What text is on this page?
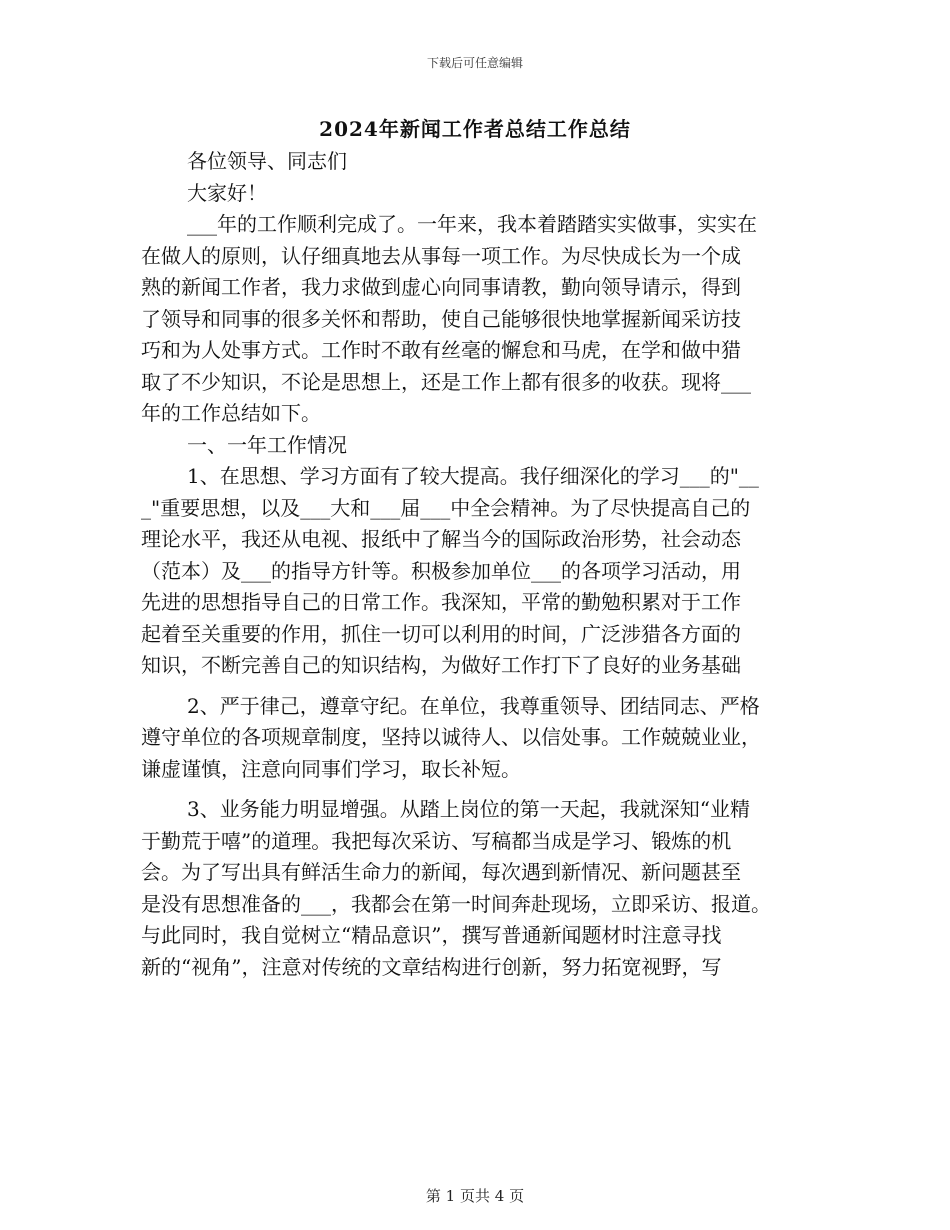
下载后可任意编辑
2024年新闻工作者总结工作总结
各位领导、同志们
大家好！
___年的工作顺利完成了。一年来，我本着踏踏实实做事，实实在
在做人的原则，认仔细真地去从事每一项工作。为尽快成长为一个成
熟的新闻工作者，我力求做到虚心向同事请教，勤向领导请示，得到
了领导和同事的很多关怀和帮助，使自己能够很快地掌握新闻采访技
巧和为人处事方式。工作时不敢有丝毫的懈怠和马虎，在学和做中猎
取了不少知识，不论是思想上，还是工作上都有很多的收获。现将___
年的工作总结如下。
一、一年工作情况
1、在思想、学习方面有了较大提高。我仔细深化的学习___的"__
_"重要思想，以及___大和___届___中全会精神。为了尽快提高自己的
理论水平，我还从电视、报纸中了解当今的国际政治形势，社会动态
（范本）及___的指导方针等。积极参加单位___的各项学习活动，用
先进的思想指导自己的日常工作。我深知，平常的勤勉积累对于工作
起着至关重要的作用，抓住一切可以利用的时间，广泛涉猎各方面的
知识，不断完善自己的知识结构，为做好工作打下了良好的业务基础
2、严于律己，遵章守纪。在单位，我尊重领导、团结同志、严格
遵守单位的各项规章制度，坚持以诚待人、以信处事。工作兢兢业业，
谦虚谨慎，注意向同事们学习，取长补短。
3、业务能力明显增强。从踏上岗位的第一天起，我就深知“业精
于勤荒于嘻”的道理。我把每次采访、写稿都当成是学习、锻炼的机
会。为了写出具有鲜活生命力的新闻，每次遇到新情况、新问题甚至
是没有思想准备的___，我都会在第一时间奔赴现场，立即采访、报道。
与此同时，我自觉树立“精品意识”，撰写普通新闻题材时注意寻找
新的“视角”，注意对传统的文章结构进行创新，努力拓宽视野，写
第 1 页共 4 页
